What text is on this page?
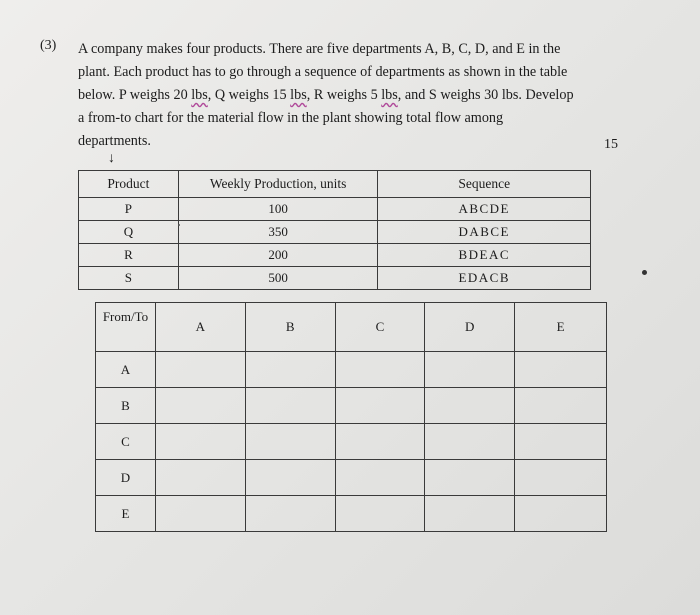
(3) A company makes four products. There are five departments A, B, C, D, and E in the
plant. Each product has to go through a sequence of departments as shown in the table
below. P weighs 20 lbs, Q weighs 15 lbs, R weighs 5 lbs, and S weighs 30 lbs. Develop
a from-to chart for the material flow in the plant showing total flow among
departments.	15
↓
Product	Weekly Production, units	Sequence
P	100	ABCDE
Q	350	DABCE
R	200	BDEAC
S	500	EDACB
From/To	A	B	C	D	E
A					
B					
C					
D					
E					
